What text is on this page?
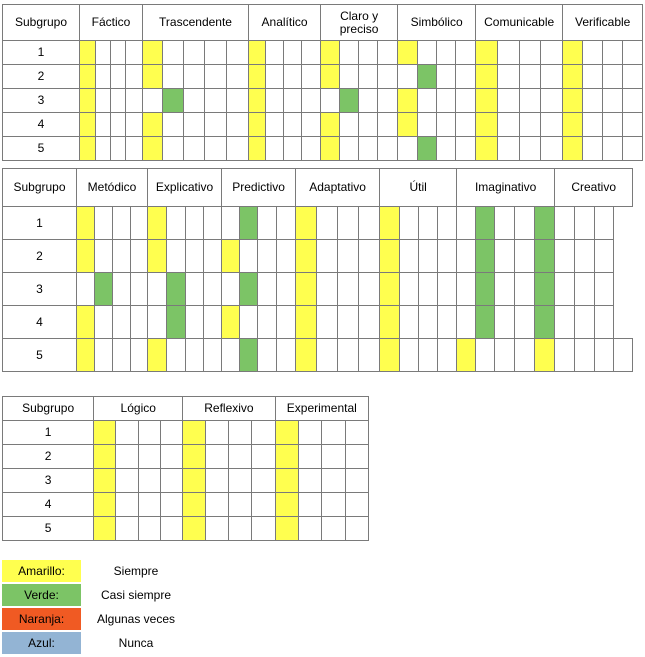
Subgrupo	Fáctico				Trascendente					Analítico				Claro y preciso				Simbólico				Comunicable				Verificable			
1																													
2																													
3																													
4																													
5																													
Subgrupo	Metódico				Explicativo				Predictivo				Adaptativo				Útil				Imaginativo					Creativo			
1																													
2																													
3																													
4																													
5																													
Subgrupo	Lógico				Reflexivo				Experimental			
1												
2												
3												
4												
5												
Amarillo:	Siempre
Verde:	Casi siempre
Naranja:	Algunas veces
Azul:	Nunca
